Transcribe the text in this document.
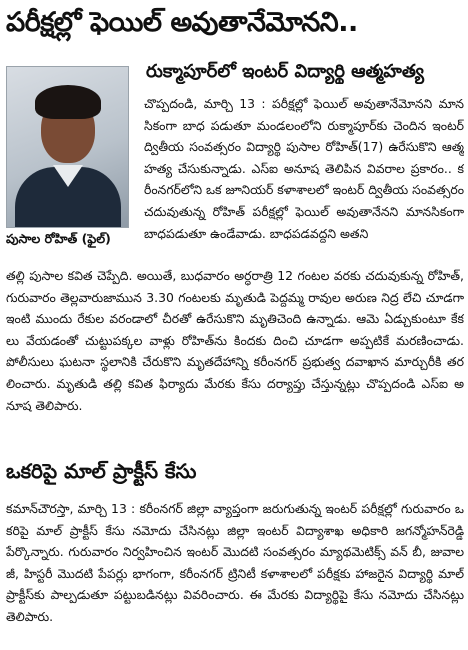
పరీక్షల్లో ఫెయిల్ అవుతానేమోనని..
రుక్మాపూర్‌లో ఇంటర్ విద్యార్థి ఆత్మహత్య
పుసాల రోహిత్ (ఫైల్)
చొప్పదండి, మార్చి 13 : పరీక్షల్లో ఫెయిల్ అవుతానేమోనని మానసికంగా బాధ పడుతూ మండలంలోని రుక్మాపూర్‌కు చెందిన ఇంటర్ ద్వితీయ సంవత్సరం విద్యార్థి పుసాల రోహిత్(17) ఉరేసుకొని ఆత్మహత్య చేసుకున్నాడు. ఎస్ఐ అనూష తెలిపిన వివరాల ప్రకారం.. కరీంనగర్‌లోని ఒక జూనియర్ కళాశాలలో ఇంటర్ ద్వితీయ సంవత్సరం చదువుతున్న రోహిత్ పరీక్షల్లో ఫెయిల్ అవుతానేనని మానసికంగా బాధపడుతూ ఉండేవాడు. బాధపడవద్దని అతని
తల్లి పుసాల కవిత చెప్పేది. అయితే, బుధవారం అర్ధరాత్రి 12 గంటల వరకు చదువుకున్న రోహిత్, గురువారం తెల్లవారుజామున 3.30 గంటలకు మృతుడి పెద్దమ్మ రావుల అరుణ నిద్ర లేచి చూడగా ఇంటి ముందు రేకుల వరండాలో చీరతో ఉరేసుకొని మృతిచెంది ఉన్నాడు. ఆమె ఏడ్చుకుంటూ కేకలు వేయడంతో చుట్టుపక్కల వాళ్లు రోహిత్‌ను కిందకు దించి చూడగా అప్పటికే మరణించాడు. పోలీసులు ఘటనా స్థలానికి చేరుకొని మృతదేహాన్ని కరీంనగర్ ప్రభుత్వ దవాఖాన మార్చురీకి తరలించారు. మృతుడి తల్లి కవిత ఫిర్యాదు మేరకు కేసు దర్యాప్తు చేస్తున్నట్లు చొప్పదండి ఎస్ఐ అనూష తెలిపారు.
ఒకరిపై మాల్ ప్రాక్టీస్ కేసు
కమాన్‌చౌరస్తా, మార్చి 13 : కరీంనగర్ జిల్లా వ్యాప్తంగా జరుగుతున్న ఇంటర్ పరీక్షల్లో గురువారం ఒకరిపై మాల్ ప్రాక్టీస్ కేసు నమోదు చేసినట్లు జిల్లా ఇంటర్ విద్యాశాఖ అధికారి జగన్మోహన్‌రెడ్డి పేర్కొన్నారు. గురువారం నిర్వహించిన ఇంటర్ మొదటి సంవత్సరం మ్యాథమెటిక్స్ వన్ బీ, జువాలజీ, హిస్టరీ మొదటి పేపర్లు భాగంగా, కరీంనగర్ ట్రినిటీ కళాశాలలో పరీక్షకు హాజరైన విద్యార్థి మాల్ ప్రాక్టీస్‌కు పాల్పడుతూ పట్టుబడినట్లు వివరించారు. ఈ మేరకు విద్యార్థిపై కేసు నమోదు చేసినట్లు తెలిపారు.
